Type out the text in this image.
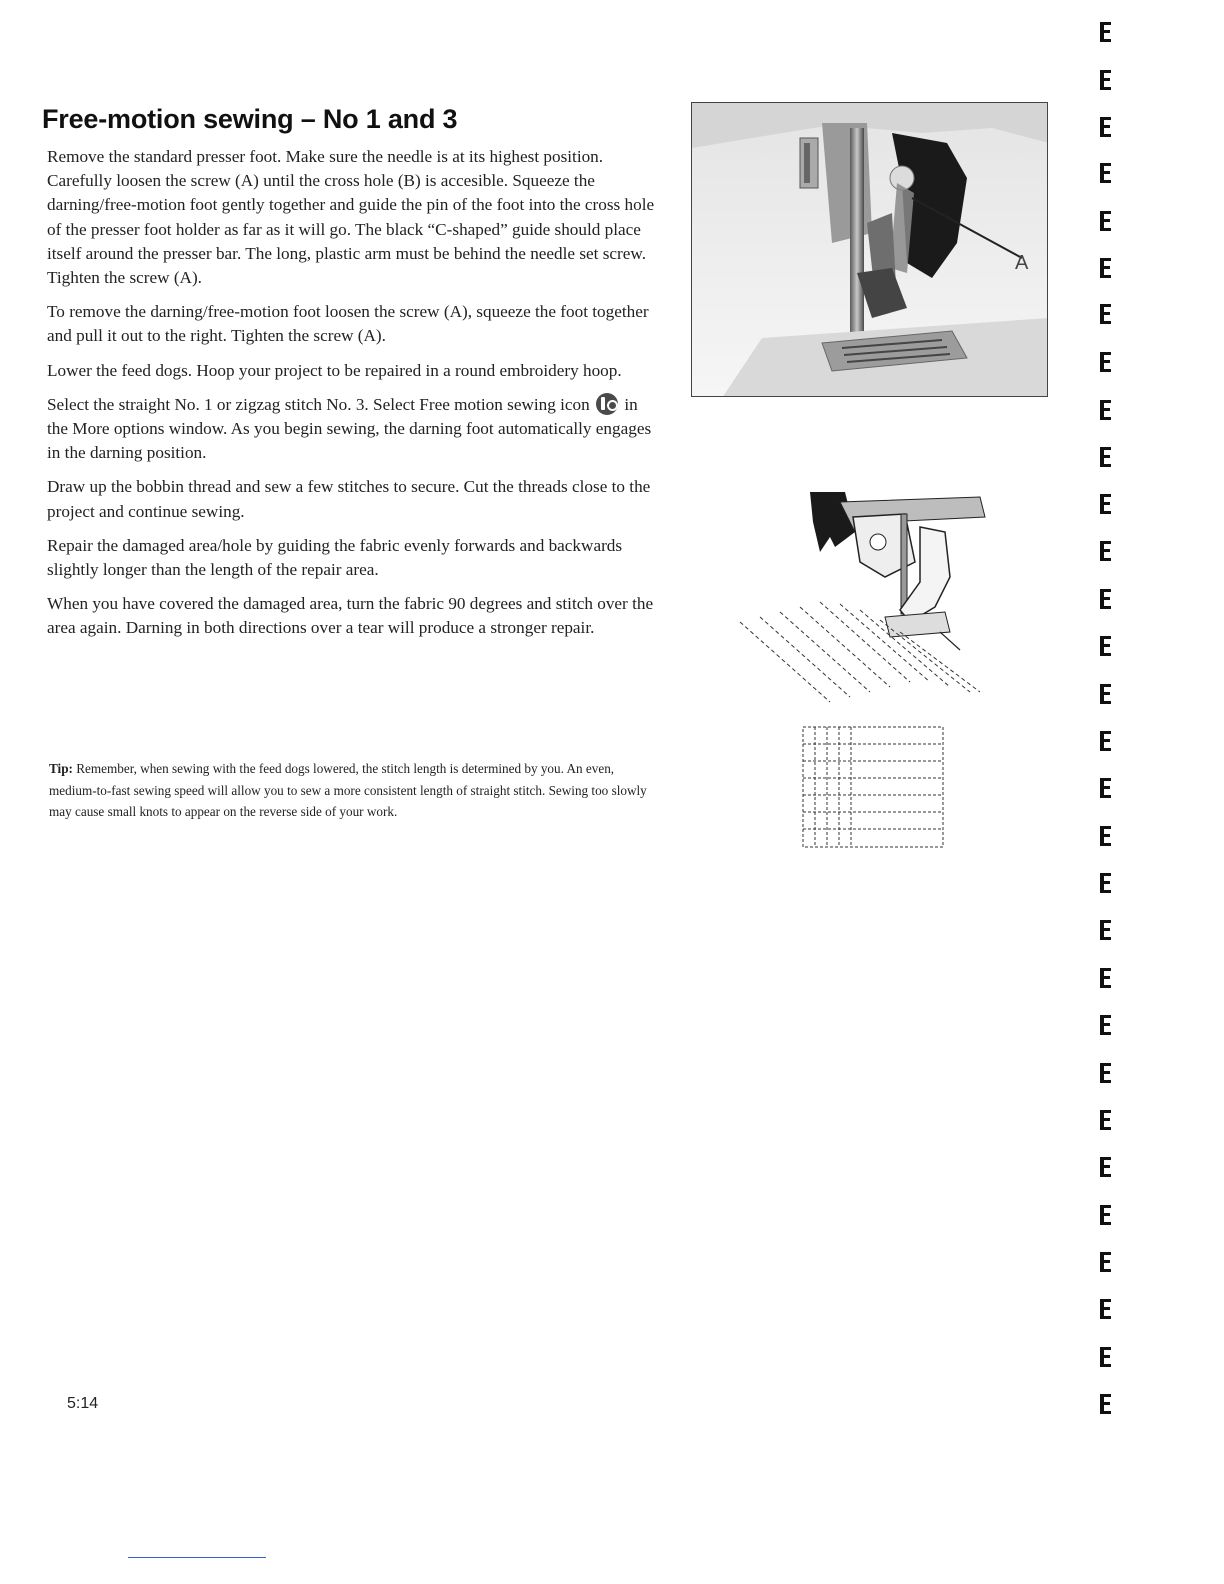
Free-motion sewing – No 1 and 3

Remove the standard presser foot. Make sure the needle is at its highest position. Carefully loosen the screw (A) until the cross hole (B) is accesible. Squeeze the darning/free-motion foot gently together and guide the pin of the foot into the cross hole of the presser foot holder as far as it will go. The black “C-shaped” guide should place itself around the presser bar. The long, plastic arm must be behind the needle set screw. Tighten the screw (A).

To remove the darning/free-motion foot loosen the screw (A), squeeze the foot together and pull it out to the right. Tighten the screw (A).

Lower the feed dogs. Hoop your project to be repaired in a round embroidery hoop.

Select the straight No. 1 or zigzag stitch No. 3. Select Free motion sewing icon in the More options window. As you begin sewing, the darning foot automatically engages in the darning position.

Draw up the bobbin thread and sew a few stitches to secure. Cut the threads close to the project and continue sewing.

Repair the damaged area/hole by guiding the fabric evenly forwards and backwards slightly longer than the length of the repair area.

When you have covered the damaged area, turn the fabric 90 degrees and stitch over the area again. Darning in both directions over a tear will produce a stronger repair.

Tip: Remember, when sewing with the feed dogs lowered, the stitch length is determined by you. An even, medium-to-fast sewing speed will allow you to sew a more consistent length of straight stitch. Sewing too slowly may cause small knots to appear on the reverse side of your work.

A
5:14
